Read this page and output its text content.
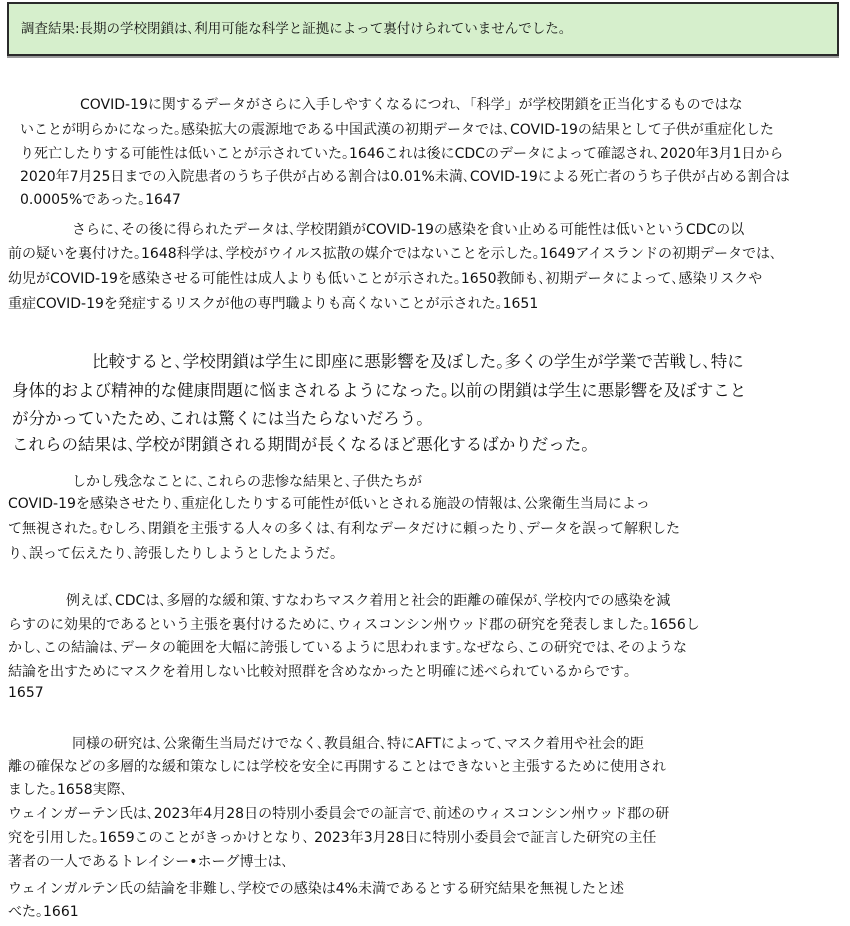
調査結果:長期の学校閉鎖は､利用可能な科学と証拠によって裏付けられていませんでした｡
COVID-19に関するデータがさらに入手しやすくなるにつれ､「科学」が学校閉鎖を正当化するものではな
いことが明らかになった｡感染拡大の震源地である中国武漢の初期データでは､COVID-19の結果として子供が重症化した
り死亡したりする可能性は低いことが示されていた｡1646これは後にCDCのデータによって確認され､2020年3月1日から
2020年7月25日までの入院患者のうち子供が占める割合は0.01%未満､COVID-19による死亡者のうち子供が占める割合は
0.0005%であった｡1647
さらに､その後に得られたデータは､学校閉鎖がCOVID-19の感染を食い止める可能性は低いというCDCの以
前の疑いを裏付けた｡1648科学は､学校がウイルス拡散の媒介ではないことを示した｡1649アイスランドの初期データでは､
幼児がCOVID-19を感染させる可能性は成人よりも低いことが示された｡1650教師も､初期データによって､感染リスクや
重症COVID-19を発症するリスクが他の専門職よりも高くないことが示された｡1651
比較すると､学校閉鎖は学生に即座に悪影響を及ぼした｡多くの学生が学業で苦戦し､特に
身体的および精神的な健康問題に悩まされるようになった｡以前の閉鎖は学生に悪影響を及ぼすこと
が分かっていたため､これは驚くには当たらないだろう｡
これらの結果は､学校が閉鎖される期間が長くなるほど悪化するばかりだった｡
しかし残念なことに､これらの悲惨な結果と､子供たちが
COVID-19を感染させたり､重症化したりする可能性が低いとされる施設の情報は､公衆衛生当局によっ
て無視された｡むしろ､閉鎖を主張する人々の多くは､有利なデータだけに頼ったり､データを誤って解釈した
り､誤って伝えたり､誇張したりしようとしたようだ｡
例えば､CDCは､多層的な緩和策､すなわちマスク着用と社会的距離の確保が､学校内での感染を減
らすのに効果的であるという主張を裏付けるために､ウィスコンシン州ウッド郡の研究を発表しました｡1656し
かし､この結論は､データの範囲を大幅に誇張しているように思われます｡なぜなら､この研究では､そのような
結論を出すためにマスクを着用しない比較対照群を含めなかったと明確に述べられているからです｡
1657
同様の研究は､公衆衛生当局だけでなく､教員組合､特にAFTによって､マスク着用や社会的距
離の確保などの多層的な緩和策なしには学校を安全に再開することはできないと主張するために使用され
ました｡1658実際､
ウェインガーテン氏は､2023年4月28日の特別小委員会での証言で､前述のウィスコンシン州ウッド郡の研
究を引用した｡1659このことがきっかけとなり､ 2023年3月28日に特別小委員会で証言した研究の主任
著者の一人であるトレイシー•ホーグ博士は､
ウェインガルテン氏の結論を非難し､学校での感染は4%未満であるとする研究結果を無視したと述
べた｡1661
